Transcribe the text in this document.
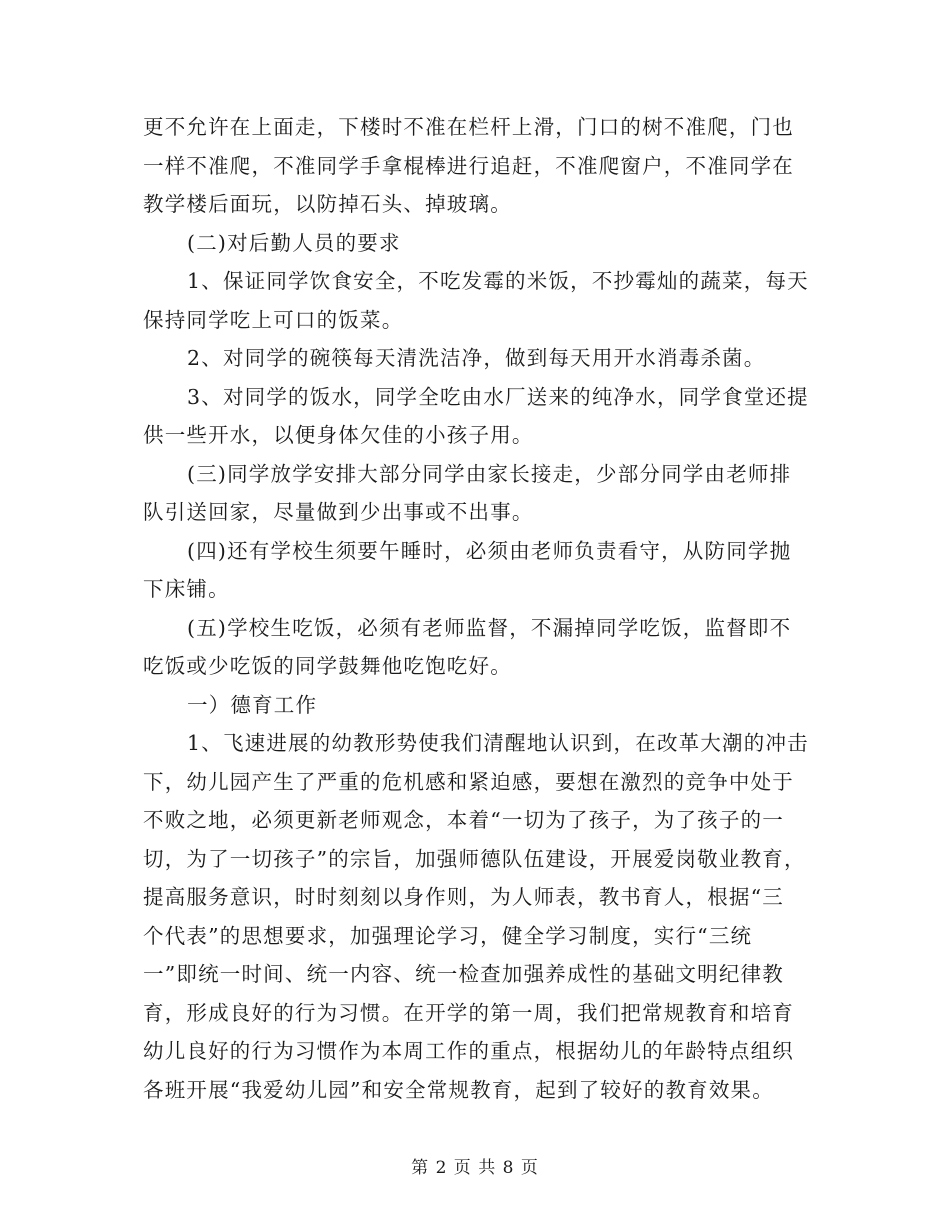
更不允许在上面走，下楼时不准在栏杆上滑，门口的树不准爬，门也
一样不准爬，不准同学手拿棍棒进行追赶，不准爬窗户，不准同学在
教学楼后面玩，以防掉石头、掉玻璃。
(二)对后勤人员的要求
1、保证同学饮食安全，不吃发霉的米饭，不抄霉灿的蔬菜，每天
保持同学吃上可口的饭菜。
2、对同学的碗筷每天清洗洁净，做到每天用开水消毒杀菌。
3、对同学的饭水，同学全吃由水厂送来的纯净水，同学食堂还提
供一些开水，以便身体欠佳的小孩子用。
(三)同学放学安排大部分同学由家长接走，少部分同学由老师排
队引送回家，尽量做到少出事或不出事。
(四)还有学校生须要午睡时，必须由老师负责看守，从防同学抛
下床铺。
(五)学校生吃饭，必须有老师监督，不漏掉同学吃饭，监督即不
吃饭或少吃饭的同学鼓舞他吃饱吃好。
一）德育工作
1、飞速进展的幼教形势使我们清醒地认识到，在改革大潮的冲击
下，幼儿园产生了严重的危机感和紧迫感，要想在激烈的竞争中处于
不败之地，必须更新老师观念，本着“一切为了孩子，为了孩子的一
切，为了一切孩子”的宗旨，加强师德队伍建设，开展爱岗敬业教育，
提高服务意识，时时刻刻以身作则，为人师表，教书育人，根据“三
个代表”的思想要求，加强理论学习，健全学习制度，实行“三统
一”即统一时间、统一内容、统一检查加强养成性的基础文明纪律教
育，形成良好的行为习惯。在开学的第一周，我们把常规教育和培育
幼儿良好的行为习惯作为本周工作的重点，根据幼儿的年龄特点组织
各班开展“我爱幼儿园”和安全常规教育，起到了较好的教育效果。
第 2 页 共 8 页
